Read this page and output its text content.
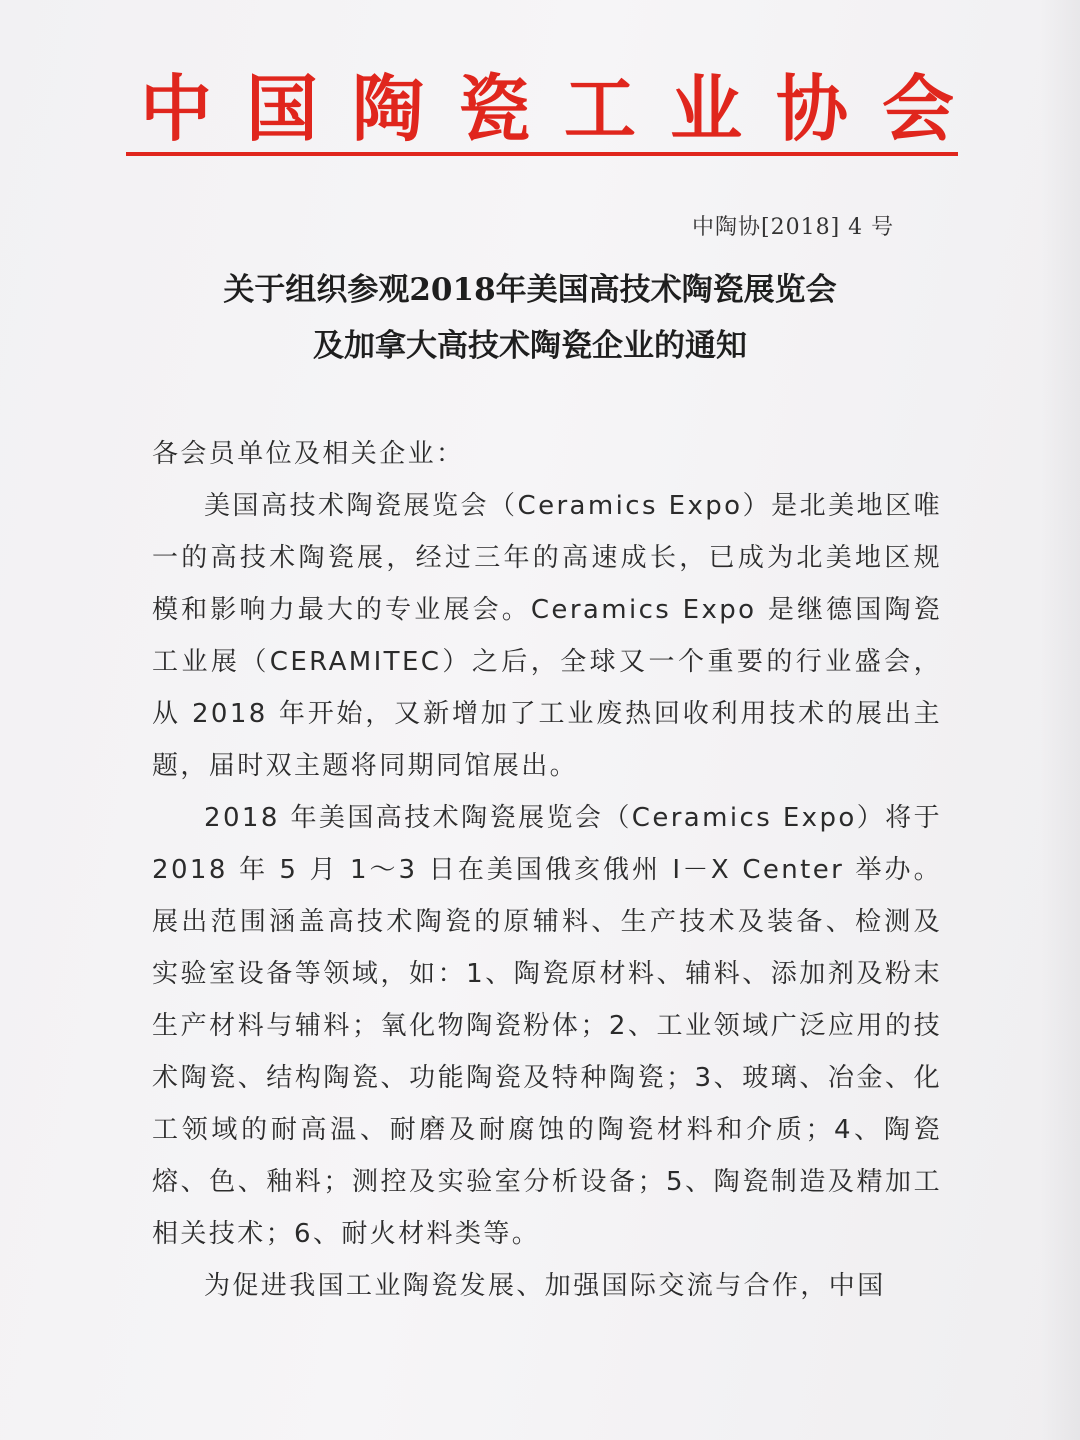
中国陶瓷工业协会
中陶协[2018] 4 号
关于组织参观2018年美国高技术陶瓷展览会
及加拿大高技术陶瓷企业的通知

各会员单位及相关企业：

美国高技术陶瓷展览会（Ceramics Expo）是北美地区唯一的高技术陶瓷展，经过三年的高速成长，已成为北美地区规模和影响力最大的专业展会。Ceramics Expo 是继德国陶瓷工业展（CERAMITEC）之后，全球又一个重要的行业盛会，从 2018 年开始，又新增加了工业废热回收利用技术的展出主题，届时双主题将同期同馆展出。

2018 年美国高技术陶瓷展览会（Ceramics Expo）将于 2018 年 5 月 1～3 日在美国俄亥俄州 I－X Center 举办。展出范围涵盖高技术陶瓷的原辅料、生产技术及装备、检测及实验室设备等领域，如：1、陶瓷原材料、辅料、添加剂及粉末生产材料与辅料；氧化物陶瓷粉体；2、工业领域广泛应用的技术陶瓷、结构陶瓷、功能陶瓷及特种陶瓷；3、玻璃、冶金、化工领域的耐高温、耐磨及耐腐蚀的陶瓷材料和介质；4、陶瓷熔、色、釉料；测控及实验室分析设备；5、陶瓷制造及精加工相关技术；6、耐火材料类等。

为促进我国工业陶瓷发展、加强国际交流与合作，中国
